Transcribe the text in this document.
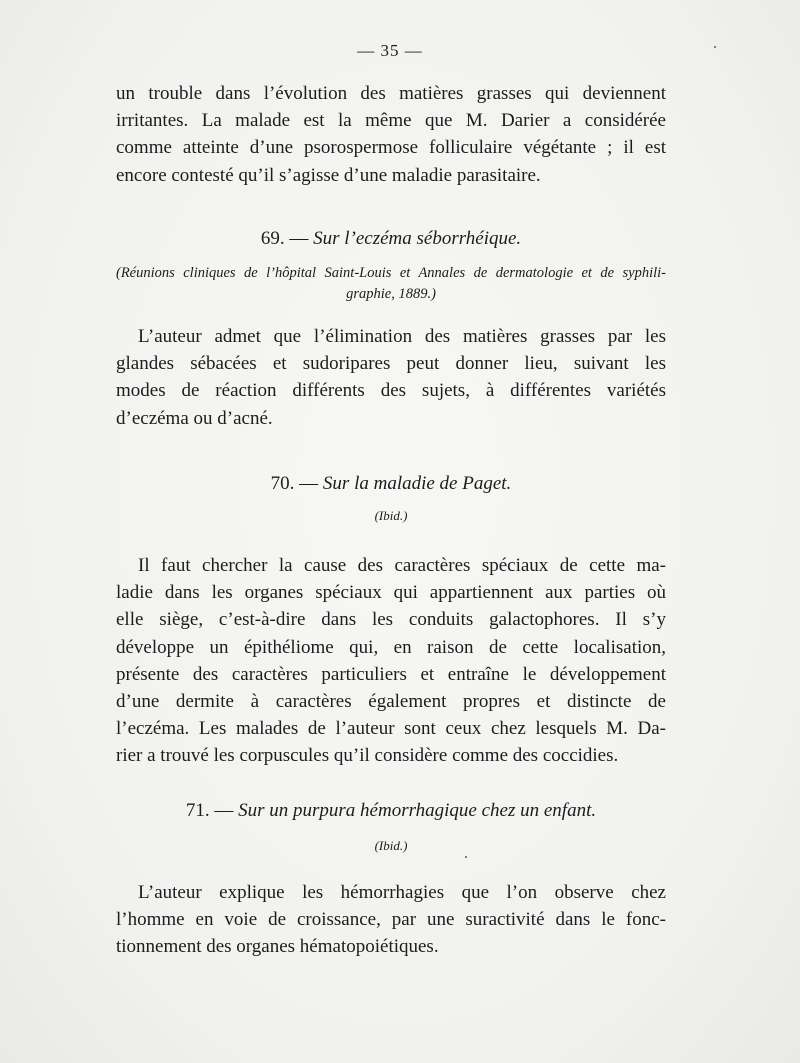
— 35 —
un trouble dans l’évolution des matières grasses qui deviennent
irritantes. La malade est la même que M. Darier a considérée
comme atteinte d’une psorospermose folliculaire végétante ; il est
encore contesté qu’il s’agisse d’une maladie parasitaire.
69. — Sur l’eczéma séborrhéique.
(Réunions cliniques de l’hôpital Saint-Louis et Annales de dermatologie et de syphili-
graphie, 1889.)
L’auteur admet que l’élimination des matières grasses par les
glandes sébacées et sudoripares peut donner lieu, suivant les
modes de réaction différents des sujets, à différentes variétés
d’eczéma ou d’acné.
70. — Sur la maladie de Paget.
(Ibid.)
Il faut chercher la cause des caractères spéciaux de cette ma-
ladie dans les organes spéciaux qui appartiennent aux parties où
elle siège, c’est-à-dire dans les conduits galactophores. Il s’y
développe un épithéliome qui, en raison de cette localisation,
présente des caractères particuliers et entraîne le développement
d’une dermite à caractères également propres et distincte de
l’eczéma. Les malades de l’auteur sont ceux chez lesquels M. Da-
rier a trouvé les corpuscules qu’il considère comme des coccidies.
71. — Sur un purpura hémorrhagique chez un enfant.
(Ibid.)
L’auteur explique les hémorrhagies que l’on observe chez
l’homme en voie de croissance, par une suractivité dans le fonc-
tionnement des organes hématopoiétiques.
